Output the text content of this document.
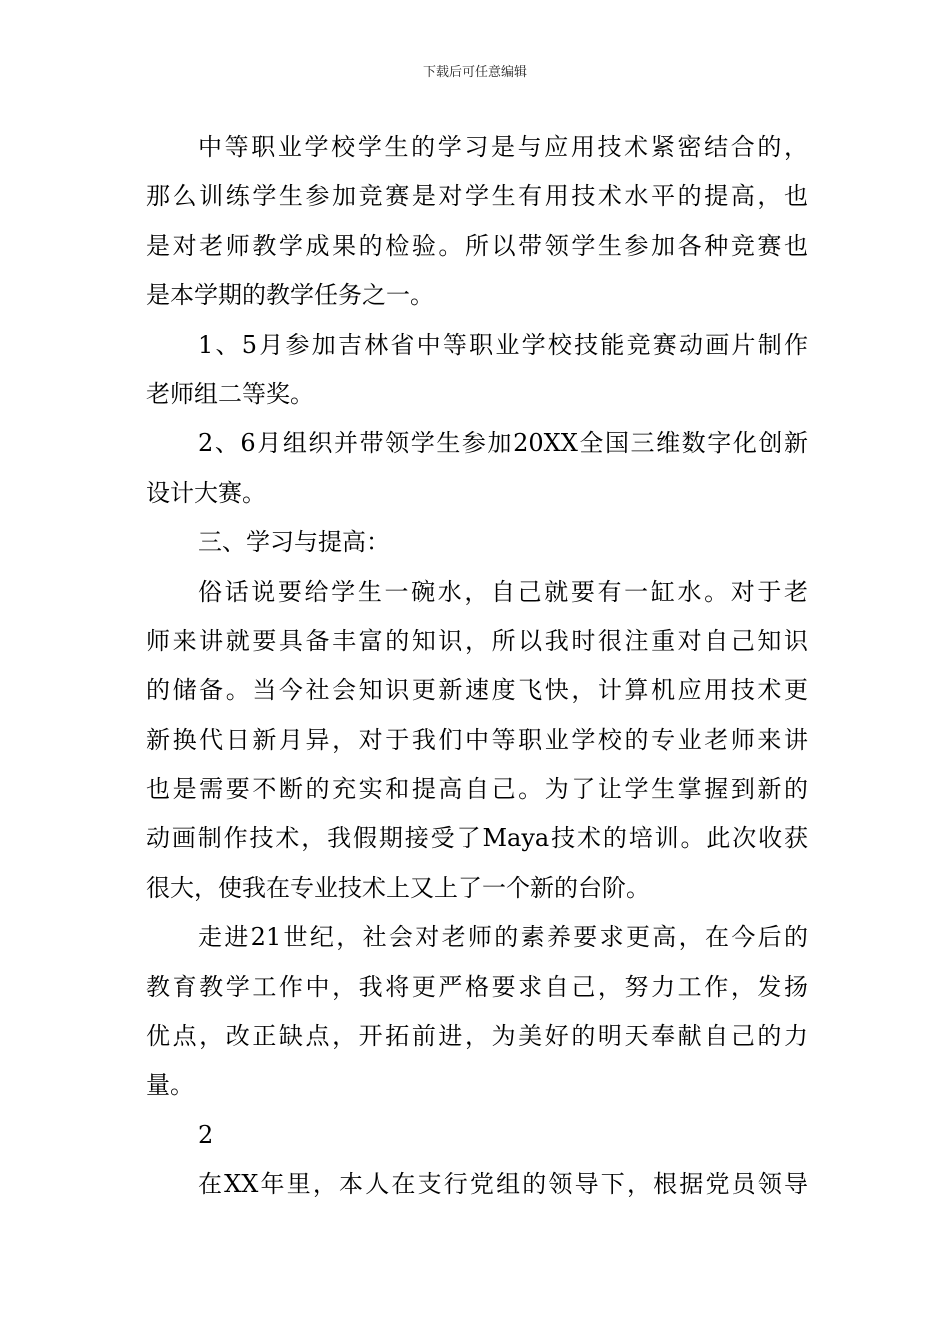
下载后可任意编辑
中等职业学校学生的学习是与应用技术紧密结合的，
那么训练学生参加竞赛是对学生有用技术水平的提高，也
是对老师教学成果的检验。所以带领学生参加各种竞赛也
是本学期的教学任务之一。
1、5月参加吉林省中等职业学校技能竞赛动画片制作
老师组二等奖。
2、6月组织并带领学生参加20XX全国三维数字化创新
设计大赛。
三、学习与提高：
俗话说要给学生一碗水，自己就要有一缸水。对于老
师来讲就要具备丰富的知识，所以我时很注重对自己知识
的储备。当今社会知识更新速度飞快，计算机应用技术更
新换代日新月异，对于我们中等职业学校的专业老师来讲
也是需要不断的充实和提高自己。为了让学生掌握到新的
动画制作技术，我假期接受了Maya技术的培训。此次收获
很大，使我在专业技术上又上了一个新的台阶。
走进21世纪，社会对老师的素养要求更高，在今后的
教育教学工作中，我将更严格要求自己，努力工作，发扬
优点，改正缺点，开拓前进，为美好的明天奉献自己的力
量。
2
在XX年里，本人在支行党组的领导下，根据党员领导
